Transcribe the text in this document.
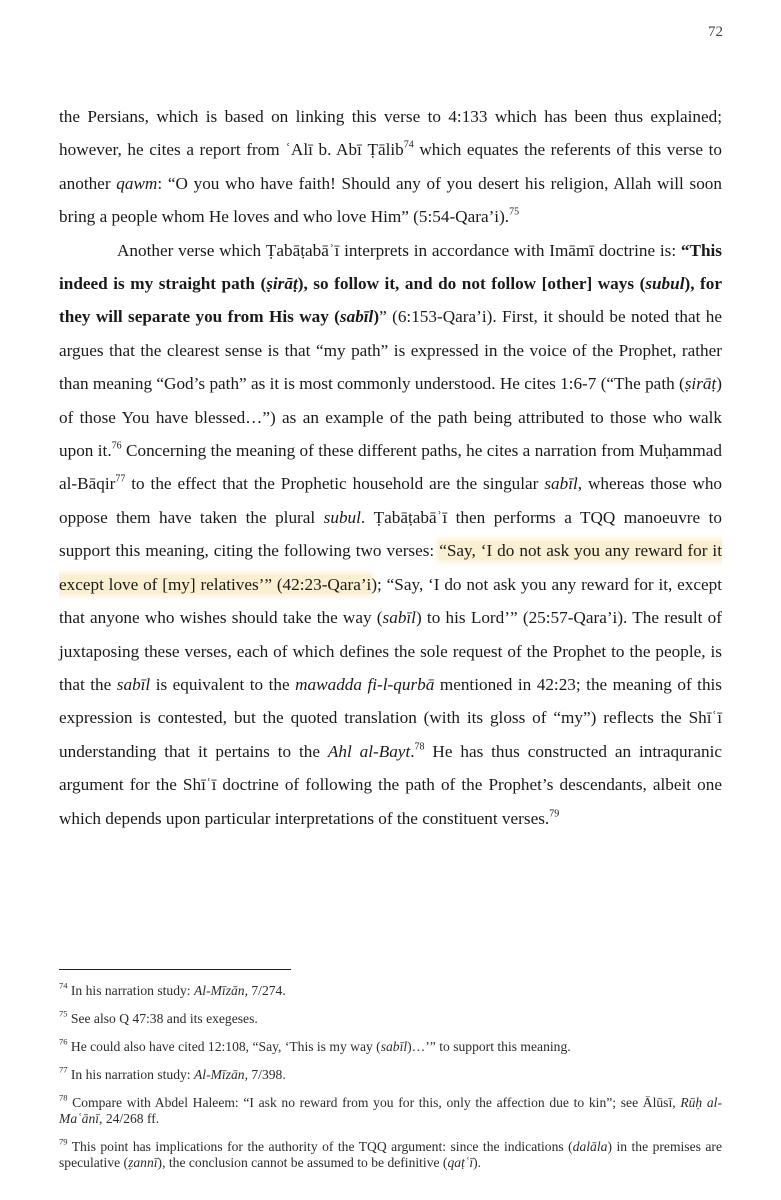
72

the Persians, which is based on linking this verse to 4:133 which has been thus explained; however, he cites a report from ʿAlī b. Abī Ṭālib$^{74}$ which equates the referents of this verse to another qawm: “O you who have faith! Should any of you desert his religion, Allah will soon bring a people whom He loves and who love Him” (5:54-Qara’i).$^{75}$

Another verse which Ṭabāṭabāʾī interprets in accordance with Imāmī doctrine is: “This indeed is my straight path (ṣirāṭ), so follow it, and do not follow [other] ways (subul), for they will separate you from His way (sabīl)” (6:153-Qara’i). First, it should be noted that he argues that the clearest sense is that “my path” is expressed in the voice of the Prophet, rather than meaning “God’s path” as it is most commonly understood. He cites 1:6-7 (“The path (ṣirāṭ) of those You have blessed…”) as an example of the path being attributed to those who walk upon it.$^{76}$ Concerning the meaning of these different paths, he cites a narration from Muḥammad al-Bāqir$^{77}$ to the effect that the Prophetic household are the singular sabīl, whereas those who oppose them have taken the plural subul. Ṭabāṭabāʾī then performs a TQQ manoeuvre to support this meaning, citing the following two verses: “Say, ‘I do not ask you any reward for it except love of [my] relatives’” (42:23-Qara’i); “Say, ‘I do not ask you any reward for it, except that anyone who wishes should take the way (sabīl) to his Lord’” (25:57-Qara’i). The result of juxtaposing these verses, each of which defines the sole request of the Prophet to the people, is that the sabīl is equivalent to the mawadda fi-l-qurbā mentioned in 42:23; the meaning of this expression is contested, but the quoted translation (with its gloss of “my”) reflects the Shīʿī understanding that it pertains to the Ahl al-Bayt.$^{78}$ He has thus constructed an intraquranic argument for the Shīʿī doctrine of following the path of the Prophet’s descendants, albeit one which depends upon particular interpretations of the constituent verses.$^{79}$

$^{74}$ In his narration study: Al-Mīzān, 7/274.
$^{75}$ See also Q 47:38 and its exegeses.
$^{76}$ He could also have cited 12:108, “Say, ‘This is my way (sabīl)…’” to support this meaning.
$^{77}$ In his narration study: Al-Mīzān, 7/398.
$^{78}$ Compare with Abdel Haleem: “I ask no reward from you for this, only the affection due to kin”; see Ālūsī, Rūḥ al-Maʿānī, 24/268 ff.
$^{79}$ This point has implications for the authority of the TQQ argument: since the indications (dalāla) in the premises are speculative (ẓannī), the conclusion cannot be assumed to be definitive (qaṭʿī).
